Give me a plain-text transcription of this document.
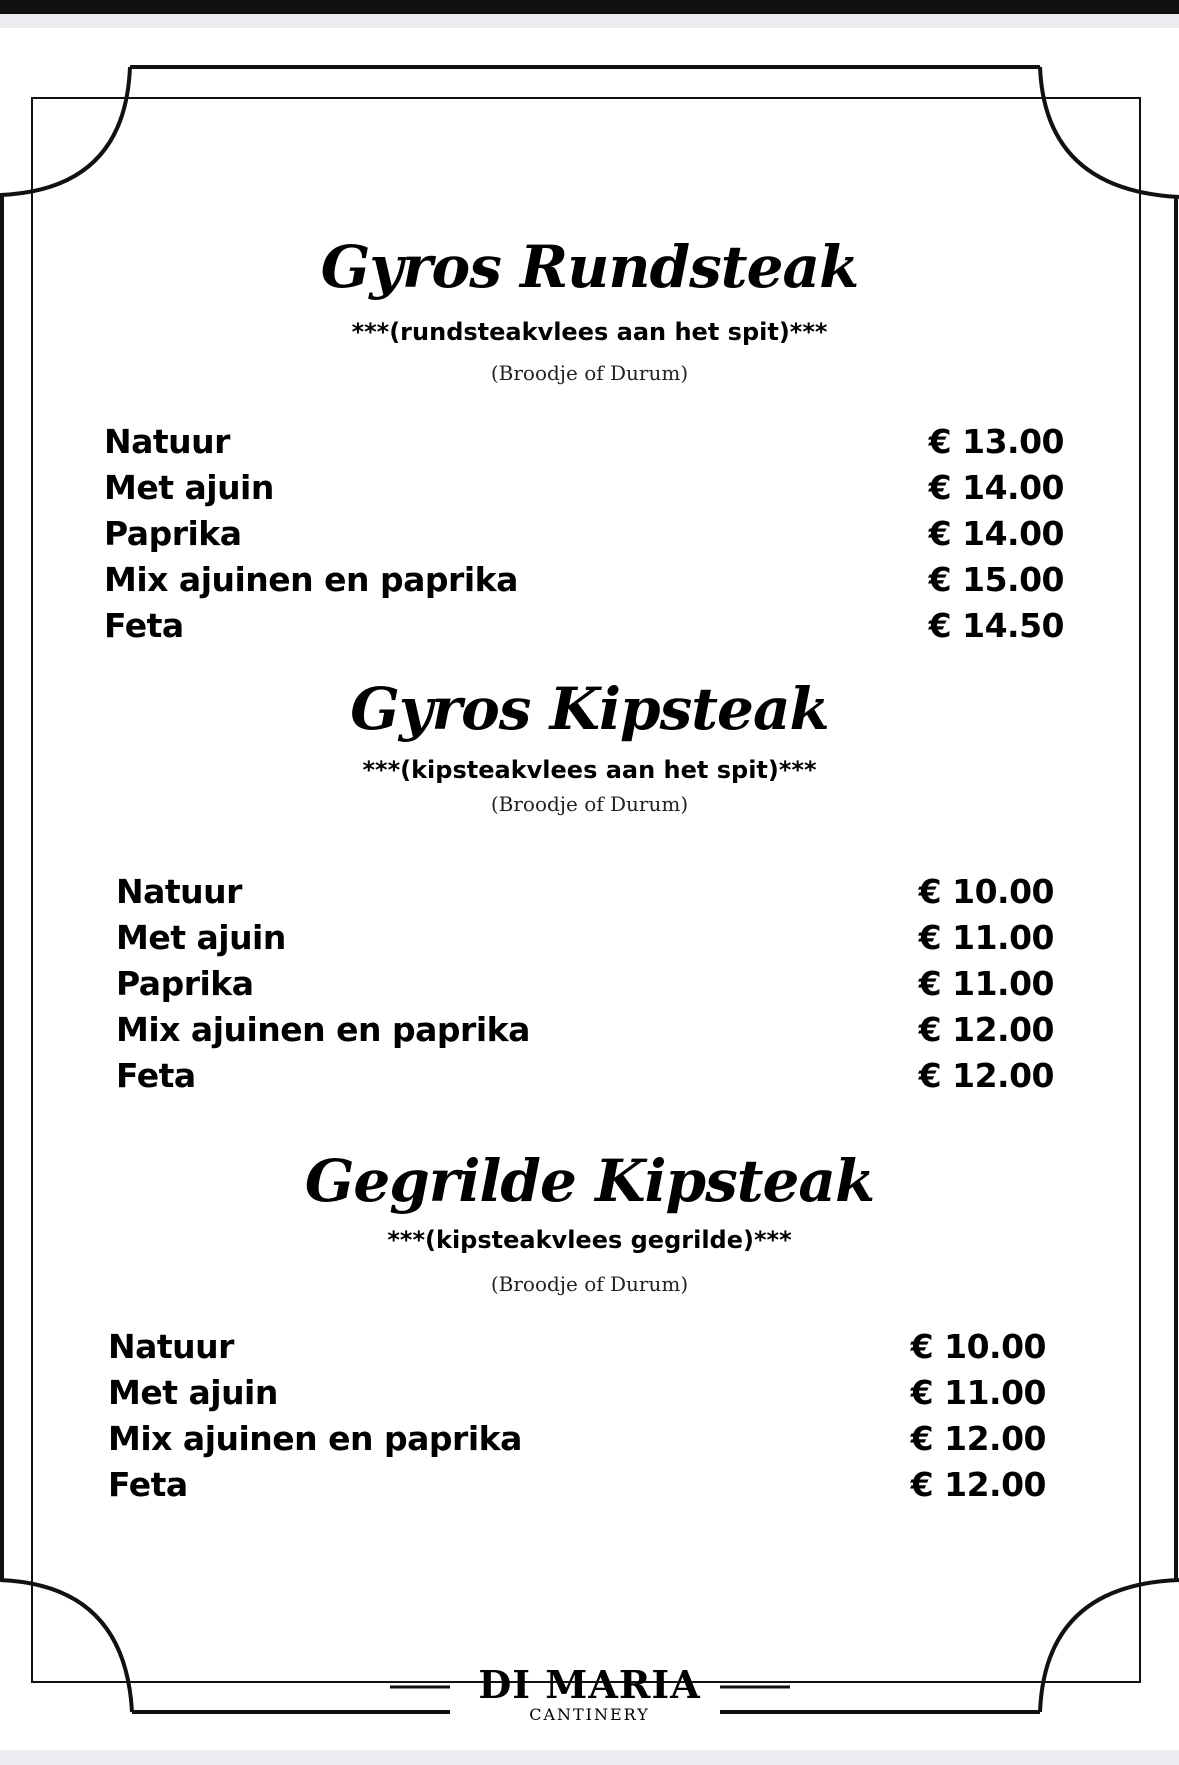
Gyros Rundsteak
***(rundsteakvlees aan het spit)***
(Broodje of Durum)
Natuur	€ 13.00
Met ajuin	€ 14.00
Paprika	€ 14.00
Mix ajuinen en paprika	€ 15.00
Feta	€ 14.50
Gyros Kipsteak
***(kipsteakvlees aan het spit)***
(Broodje of Durum)
Natuur	€ 10.00
Met ajuin	€ 11.00
Paprika	€ 11.00
Mix ajuinen en paprika	€ 12.00
Feta	€ 12.00
Gegrilde Kipsteak
***(kipsteakvlees gegrilde)***
(Broodje of Durum)
Natuur	€ 10.00
Met ajuin	€ 11.00
Mix ajuinen en paprika	€ 12.00
Feta	€ 12.00
DI MARIA
CANTINERY
